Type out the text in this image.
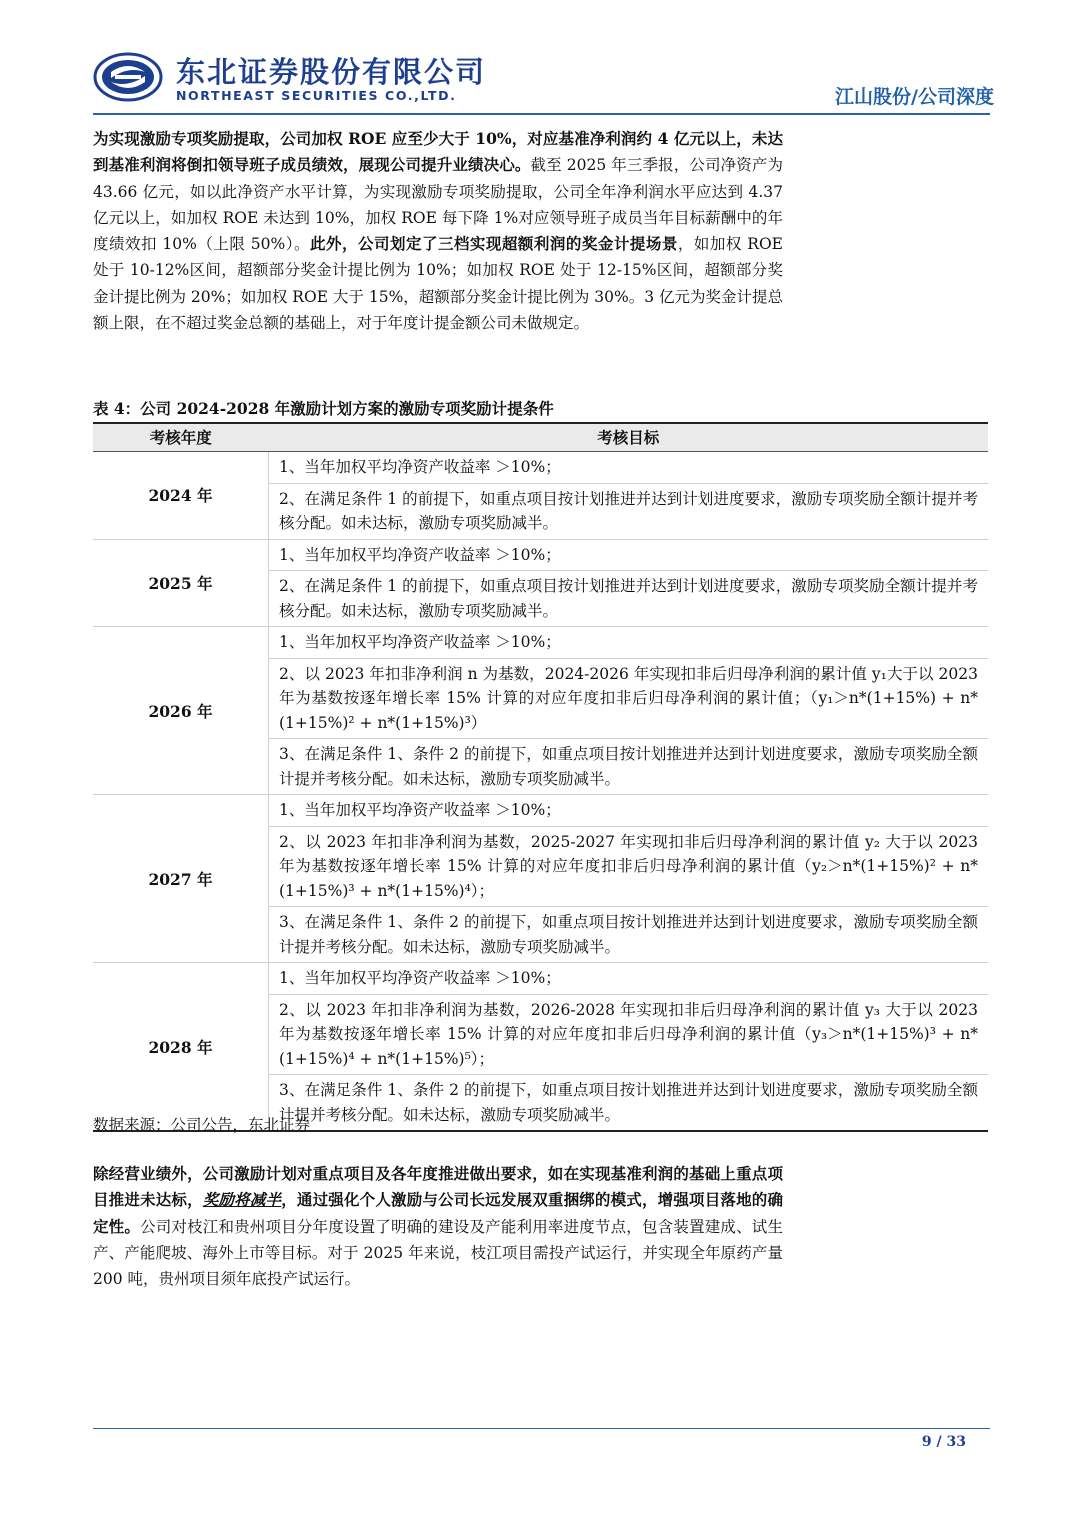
东北证券股份有限公司
NORTHEAST SECURITIES CO.,LTD.	江山股份/公司深度
为实现激励专项奖励提取，公司加权 ROE 应至少大于 10%，对应基准净利润约 4 亿元以上，未达到基准利润将倒扣领导班子成员绩效，展现公司提升业绩决心。截至 2025 年三季报，公司净资产为 43.66 亿元，如以此净资产水平计算，为实现激励专项奖励提取，公司全年净利润水平应达到 4.37 亿元以上，如加权 ROE 未达到 10%，加权 ROE 每下降 1%对应领导班子成员当年目标薪酬中的年度绩效扣 10%（上限 50%）。此外，公司划定了三档实现超额利润的奖金计提场景，如加权 ROE 处于 10-12%区间，超额部分奖金计提比例为 10%；如加权 ROE 处于 12-15%区间，超额部分奖金计提比例为 20%；如加权 ROE 大于 15%，超额部分奖金计提比例为 30%。3 亿元为奖金计提总额上限，在不超过奖金总额的基础上，对于年度计提金额公司未做规定。
表 4：公司 2024-2028 年激励计划方案的激励专项奖励计提条件
考核年度	考核目标
2024 年	1、当年加权平均净资产收益率 ＞10%；
	2、在满足条件 1 的前提下，如重点项目按计划推进并达到计划进度要求，激励专项奖励全额计提并考核分配。如未达标，激励专项奖励减半。
2025 年	1、当年加权平均净资产收益率 ＞10%；
	2、在满足条件 1 的前提下，如重点项目按计划推进并达到计划进度要求，激励专项奖励全额计提并考核分配。如未达标，激励专项奖励减半。
2026 年	1、当年加权平均净资产收益率 ＞10%；
	2、以 2023 年扣非净利润 n 为基数，2024-2026 年实现扣非后归母净利润的累计值 y₁大于以 2023 年为基数按逐年增长率 15% 计算的对应年度扣非后归母净利润的累计值；（y₁＞n*(1+15%) + n*(1+15%)² + n*(1+15%)³）
	3、在满足条件 1、条件 2 的前提下，如重点项目按计划推进并达到计划进度要求，激励专项奖励全额计提并考核分配。如未达标，激励专项奖励减半。
2027 年	1、当年加权平均净资产收益率 ＞10%；
	2、以 2023 年扣非净利润为基数，2025-2027 年实现扣非后归母净利润的累计值 y₂ 大于以 2023 年为基数按逐年增长率 15% 计算的对应年度扣非后归母净利润的累计值（y₂＞n*(1+15%)² + n*(1+15%)³ + n*(1+15%)⁴）；
	3、在满足条件 1、条件 2 的前提下，如重点项目按计划推进并达到计划进度要求，激励专项奖励全额计提并考核分配。如未达标，激励专项奖励减半。
2028 年	1、当年加权平均净资产收益率 ＞10%；
	2、以 2023 年扣非净利润为基数，2026-2028 年实现扣非后归母净利润的累计值 y₃ 大于以 2023 年为基数按逐年增长率 15% 计算的对应年度扣非后归母净利润的累计值（y₃＞n*(1+15%)³ + n*(1+15%)⁴ + n*(1+15%)⁵）；
	3、在满足条件 1、条件 2 的前提下，如重点项目按计划推进并达到计划进度要求，激励专项奖励全额计提并考核分配。如未达标，激励专项奖励减半。
数据来源：公司公告，东北证券
除经营业绩外，公司激励计划对重点项目及各年度推进做出要求，如在实现基准利润的基础上重点项目推进未达标，奖励将减半，通过强化个人激励与公司长远发展双重捆绑的模式，增强项目落地的确定性。公司对枝江和贵州项目分年度设置了明确的建设及产能利用率进度节点，包含装置建成、试生产、产能爬坡、海外上市等目标。对于 2025 年来说，枝江项目需投产试运行，并实现全年原药产量 200 吨，贵州项目须年底投产试运行。
9 / 33
